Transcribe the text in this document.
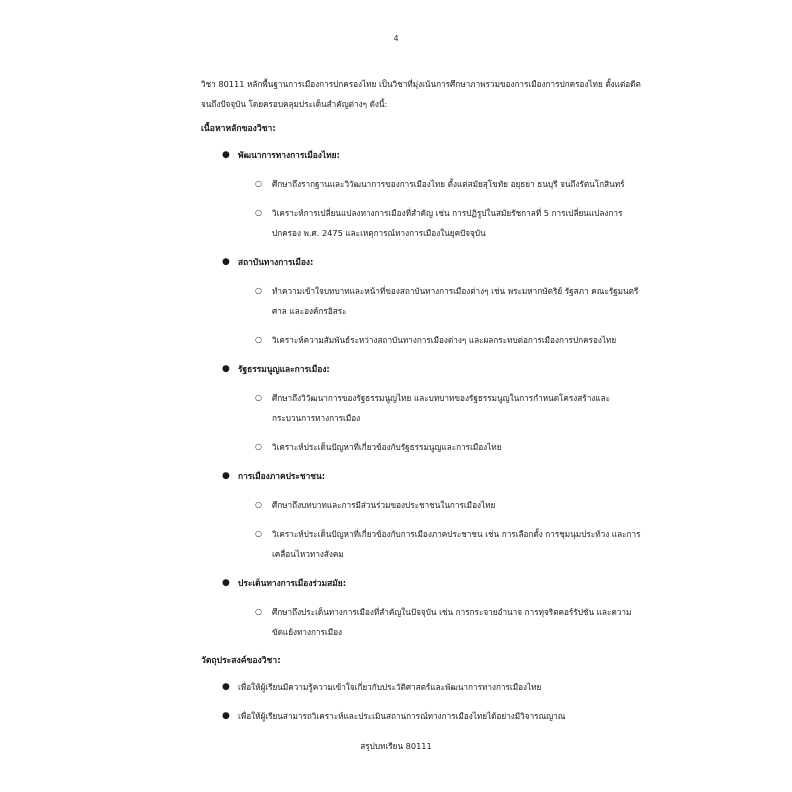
4

วิชา 80111 หลักพื้นฐานการเมืองการปกครองไทย เป็นวิชาที่มุ่งเน้นการศึกษาภาพรวมของการเมืองการปกครองไทย ตั้งแต่อดีตจนถึงปัจจุบัน โดยครอบคลุมประเด็นสำคัญต่างๆ ดังนี้:

เนื้อหาหลักของวิชา:
● พัฒนาการทางการเมืองไทย:
○ ศึกษาถึงรากฐานและวิวัฒนาการของการเมืองไทย ตั้งแต่สมัยสุโขทัย อยุธยา ธนบุรี จนถึงรัตนโกสินทร์
○ วิเคราะห์การเปลี่ยนแปลงทางการเมืองที่สำคัญ เช่น การปฏิรูปในสมัยรัชกาลที่ 5 การเปลี่ยนแปลงการปกครอง พ.ศ. 2475 และเหตุการณ์ทางการเมืองในยุคปัจจุบัน
● สถาบันทางการเมือง:
○ ทำความเข้าใจบทบาทและหน้าที่ของสถาบันทางการเมืองต่างๆ เช่น พระมหากษัตริย์ รัฐสภา คณะรัฐมนตรี ศาล และองค์กรอิสระ
○ วิเคราะห์ความสัมพันธ์ระหว่างสถาบันทางการเมืองต่างๆ และผลกระทบต่อการเมืองการปกครองไทย
● รัฐธรรมนูญและการเมือง:
○ ศึกษาถึงวิวัฒนาการของรัฐธรรมนูญไทย และบทบาทของรัฐธรรมนูญในการกำหนดโครงสร้างและกระบวนการทางการเมือง
○ วิเคราะห์ประเด็นปัญหาที่เกี่ยวข้องกับรัฐธรรมนูญและการเมืองไทย
● การเมืองภาคประชาชน:
○ ศึกษาถึงบทบาทและการมีส่วนร่วมของประชาชนในการเมืองไทย
○ วิเคราะห์ประเด็นปัญหาที่เกี่ยวข้องกับการเมืองภาคประชาชน เช่น การเลือกตั้ง การชุมนุมประท้วง และการเคลื่อนไหวทางสังคม
● ประเด็นทางการเมืองร่วมสมัย:
○ ศึกษาถึงประเด็นทางการเมืองที่สำคัญในปัจจุบัน เช่น การกระจายอำนาจ การทุจริตคอร์รัปชัน และความขัดแย้งทางการเมือง
วัตถุประสงค์ของวิชา:
● เพื่อให้ผู้เรียนมีความรู้ความเข้าใจเกี่ยวกับประวัติศาสตร์และพัฒนาการทางการเมืองไทย
● เพื่อให้ผู้เรียนสามารถวิเคราะห์และประเมินสถานการณ์ทางการเมืองไทยได้อย่างมีวิจารณญาณ
สรุปบทเรียน 80111
